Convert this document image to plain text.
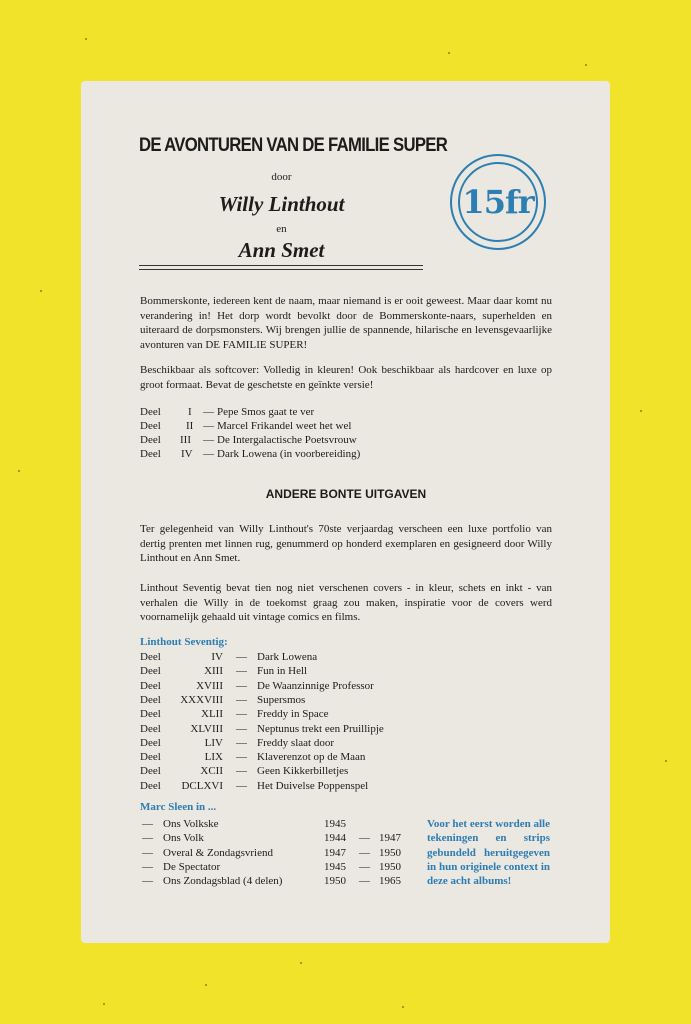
DE AVONTUREN VAN DE FAMILIE SUPER
door
Willy Linthout
en
Ann Smet
15fr
Bommerskonte, iedereen kent de naam, maar niemand is er ooit geweest. Maar daar komt nu verandering in! Het dorp wordt bevolkt door de Bommerskonte-naars, superhelden en uiteraard de dorpsmonsters. Wij brengen jullie de spannende, hilarische en levensgevaarlijke avonturen van DE FAMILIE SUPER!
Beschikbaar als softcover: Volledig in kleuren! Ook beschikbaar als hardcover en luxe op groot formaat. Bevat de geschetste en geïnkte versie!
Deel I — Pepe Smos gaat te ver
Deel II — Marcel Frikandel weet het wel
Deel III — De Intergalactische Poetsvrouw
Deel IV — Dark Lowena (in voorbereiding)
ANDERE BONTE UITGAVEN
Ter gelegenheid van Willy Linthout's 70ste verjaardag verscheen een luxe portfolio van dertig prenten met linnen rug, genummerd op honderd exemplaren en gesigneerd door Willy Linthout en Ann Smet.
Linthout Seventig bevat tien nog niet verschenen covers - in kleur, schets en inkt - van verhalen die Willy in de toekomst graag zou maken, inspiratie voor de covers werd voornamelijk gehaald uit vintage comics en films.
Linthout Seventig:
Deel	IV — Dark Lowena
Deel	XIII — Fun in Hell
Deel	XVIII — De Waanzinnige Professor
Deel	XXXVIII — Supersmos
Deel	XLII — Freddy in Space
Deel	XLVIII — Neptunus trekt een Pruillipje
Deel	LIV — Freddy slaat door
Deel	LIX — Klaverenzot op de Maan
Deel	XCII — Geen Kikkerbilletjes
Deel	DCLXVI — Het Duivelse Poppenspel
Marc Sleen in ...
— Ons Volkske	1945
— Ons Volk	1944 — 1947
— Overal & Zondagsvriend	1947 — 1950
— De Spectator	1945 — 1950
— Ons Zondagsblad (4 delen)	1950 — 1965
Voor het eerst worden alle tekeningen en strips gebundeld heruitgegeven in hun originele context in deze acht albums!
